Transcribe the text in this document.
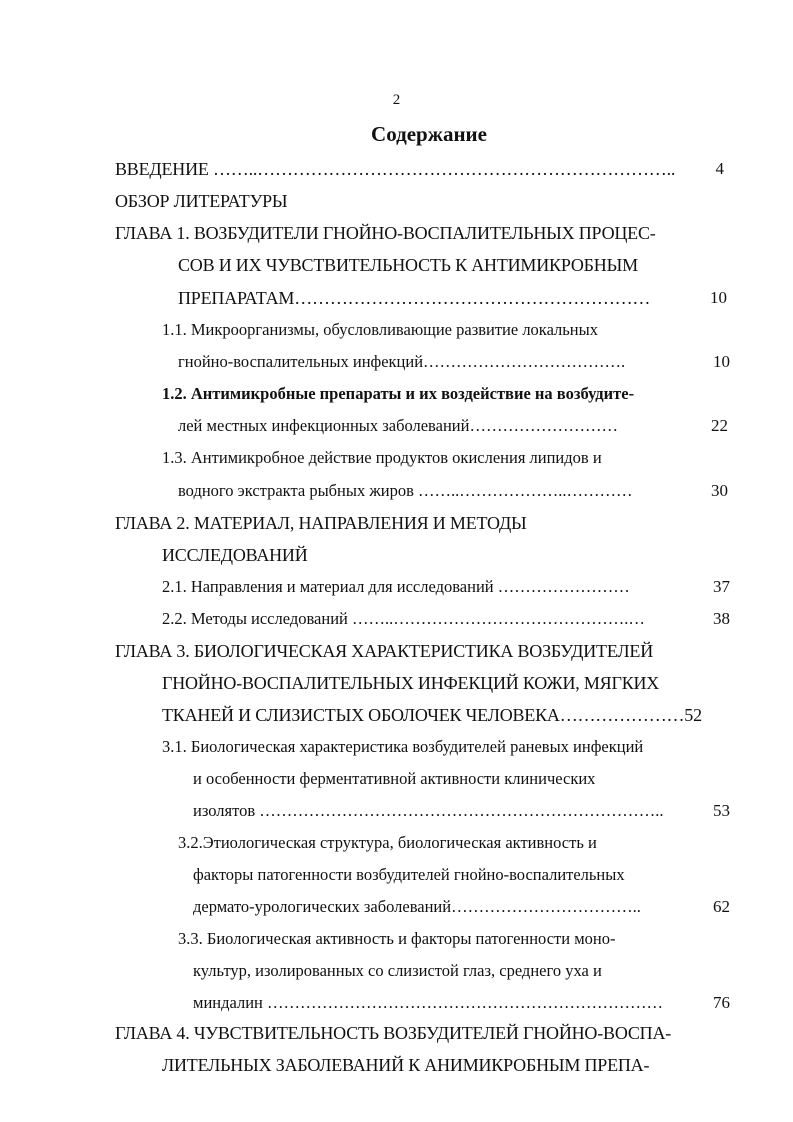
2
Содержание
ВВЕДЕНИЕ ……..……………………………………………………………..	4
ОБЗОР ЛИТЕРАТУРЫ
ГЛАВА 1. ВОЗБУДИТЕЛИ ГНОЙНО-ВОСПАЛИТЕЛЬНЫХ ПРОЦЕС-
СОВ И ИХ ЧУВСТВИТЕЛЬНОСТЬ К АНТИМИКРОБНЫМ
ПРЕПАРАТАМ……………………………………………………	10
1.1. Микроорганизмы, обусловливающие развитие локальных
гнойно-воспалительных инфекций……………………………….	10
1.2. Антимикробные препараты и их воздействие на возбудите-
лей местных инфекционных заболеваний………………………	22
1.3. Антимикробное действие продуктов окисления липидов и
водного экстракта рыбных жиров ……..………………..…………	30
ГЛАВА 2. МАТЕРИАЛ, НАПРАВЛЕНИЯ И МЕТОДЫ
ИССЛЕДОВАНИЙ
2.1. Направления и материал для исследований ……………………	37
2.2. Методы исследований ……..…………………………………….…	38
ГЛАВА 3. БИОЛОГИЧЕСКАЯ ХАРАКТЕРИСТИКА ВОЗБУДИТЕЛЕЙ
ГНОЙНО-ВОСПАЛИТЕЛЬНЫХ ИНФЕКЦИЙ КОЖИ, МЯГКИХ
ТКАНЕЙ И СЛИЗИСТЫХ ОБОЛОЧЕК ЧЕЛОВЕКА…………………52
3.1. Биологическая характеристика возбудителей раневых инфекций
и особенности ферментативной активности клинических
изолятов ………………………………………………………………..	53
3.2.Этиологическая структура, биологическая активность и
факторы патогенности возбудителей гнойно-воспалительных
дермато-урологических заболеваний……………………………..	62
3.3. Биологическая активность и факторы патогенности моно-
культур, изолированных со слизистой глаз, среднего уха и
миндалин ………………………………………………………………	76
ГЛАВА 4. ЧУВСТВИТЕЛЬНОСТЬ ВОЗБУДИТЕЛЕЙ ГНОЙНО-ВОСПА-
ЛИТЕЛЬНЫХ ЗАБОЛЕВАНИЙ К АНИМИКРОБНЫМ ПРЕПА-
